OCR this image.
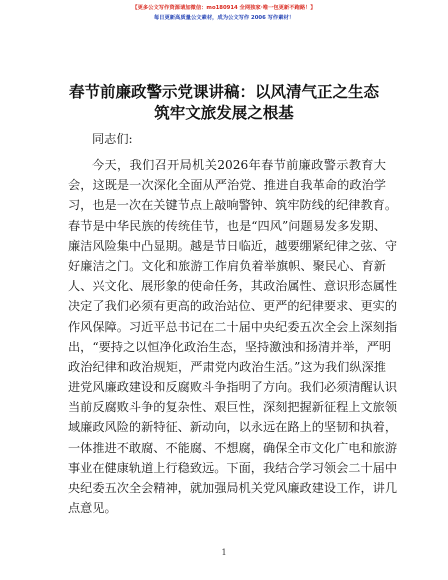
【更多公文写作资源请加微信：mo180914 全网独家·唯一包更新不跑路！】
每日更新高质量公文素材，成为公文写作 2006 写作素材！
春节前廉政警示党课讲稿：以风清气正之生态
筑牢文旅发展之根基
同志们:
今天，我们召开局机关2026年春节前廉政警示教育大
会，这既是一次深化全面从严治党、推进自我革命的政治学
习，也是一次在关键节点上敲响警钟、筑牢防线的纪律教育。
春节是中华民族的传统佳节，也是“四风”问题易发多发期、
廉洁风险集中凸显期。越是节日临近，越要绷紧纪律之弦、守
好廉洁之门。文化和旅游工作肩负着举旗帜、聚民心、育新
人、兴文化、展形象的使命任务，其政治属性、意识形态属性
决定了我们必须有更高的政治站位、更严的纪律要求、更实的
作风保障。习近平总书记在二十届中央纪委五次全会上深刻指
出，“要持之以恒净化政治生态，坚持激浊和扬清并举，严明
政治纪律和政治规矩，严肃党内政治生活。”这为我们纵深推
进党风廉政建设和反腐败斗争指明了方向。我们必须清醒认识
当前反腐败斗争的复杂性、艰巨性，深刻把握新征程上文旅领
域廉政风险的新特征、新动向，以永远在路上的坚韧和执着，
一体推进不敢腐、不能腐、不想腐，确保全市文化广电和旅游
事业在健康轨道上行稳致远。下面，我结合学习领会二十届中
央纪委五次全会精神，就加强局机关党风廉政建设工作，讲几
点意见。
1
